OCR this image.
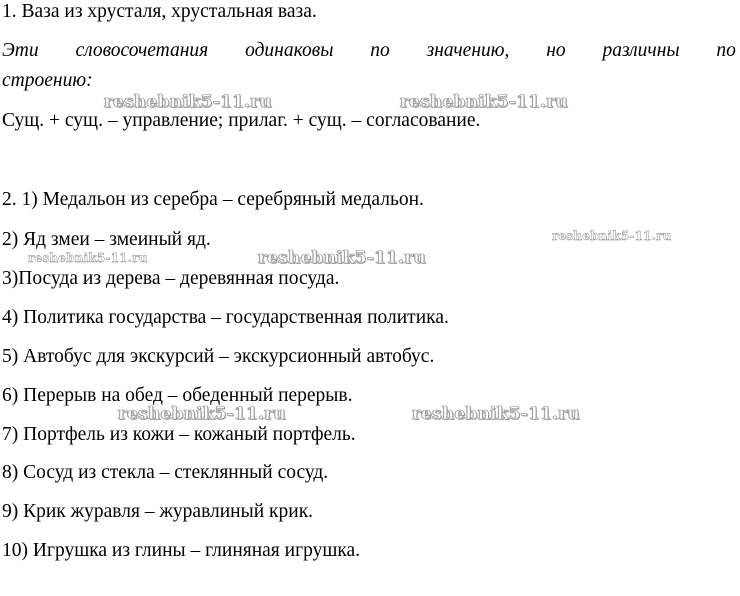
1. Ваза из хрусталя, хрустальная ваза.
Эти словосочетания одинаковы по значению, но различны по
строению:
Сущ. + сущ. – управление; прилаг. + сущ. – согласование.
2. 1) Медальон из серебра – серебряный медальон.
2) Яд змеи – змеиный яд.
3)Посуда из дерева – деревянная посуда.
4) Политика государства – государственная политика.
5) Автобус для экскурсий – экскурсионный автобус.
6) Перерыв на обед – обеденный перерыв.
7) Портфель из кожи – кожаный портфель.
8) Сосуд из стекла – стеклянный сосуд.
9) Крик журавля – журавлиный крик.
10) Игрушка из глины – глиняная игрушка.
reshebnik5-11.ru	reshebnik5-11.ru
reshebnik5-11.ru
reshebnik5-11.ru	reshebnik5-11.ru
reshebnik5-11.ru	reshebnik5-11.ru
